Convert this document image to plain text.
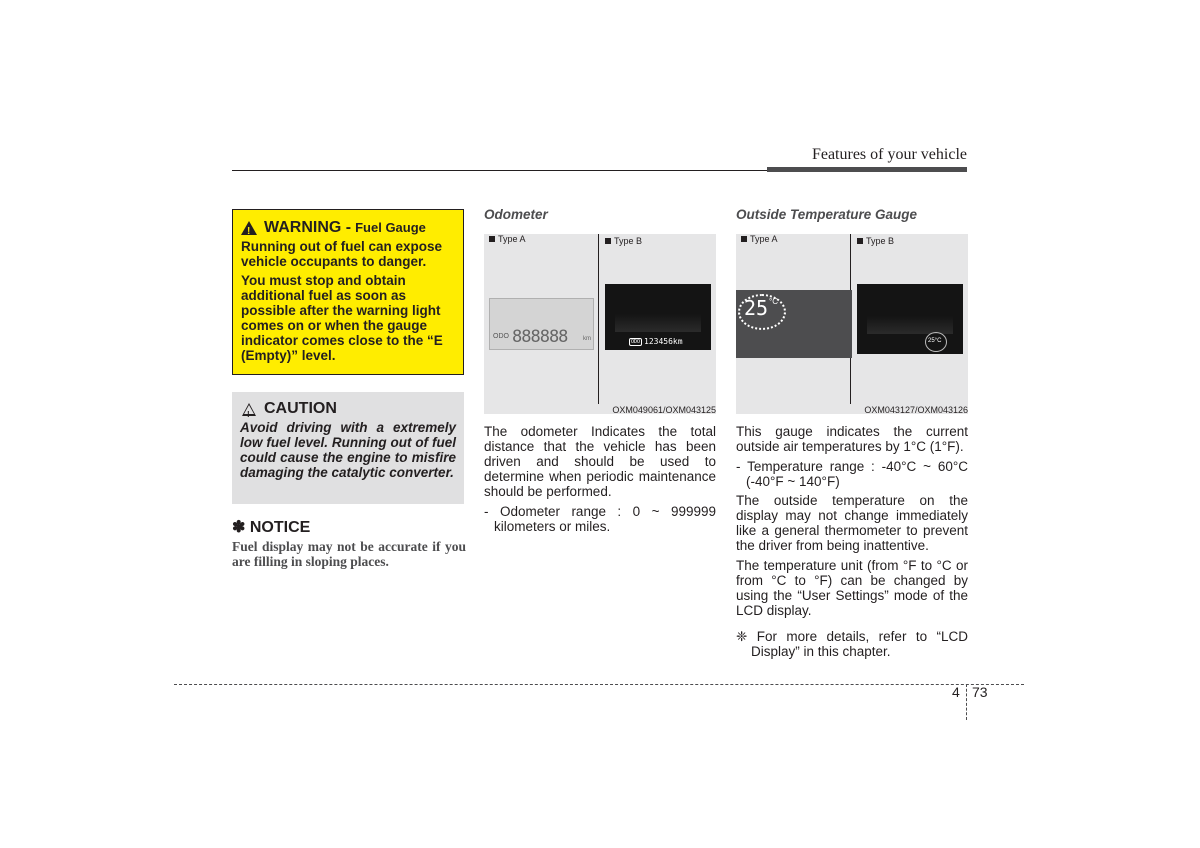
Features of your vehicle
!
WARNING - Fuel Gauge

Running out of fuel can expose vehicle occupants to danger.

You must stop and obtain additional fuel as soon as possible after the warning light comes on or when the gauge indicator comes close to the “E (Empty)” level.

!
CAUTION

Avoid driving with a extremely low fuel level. Running out of fuel could cause the engine to misfire damaging the catalytic converter.

✽ NOTICE
Fuel display may not be accurate if you are filling in sloping places.
Odometer
Type A	Type B
ODO 888888	km	ODO 123456km
OXM049061/OXM043125

The odometer Indicates the total distance that the vehicle has been driven and should be used to determine when periodic maintenance should be performed.

- Odometer range : 0 ~ 999999 kilometers or miles.

Outside Temperature Gauge
Type A	Type B
25 °C
25°C
OXM043127/OXM043126

This gauge indicates the current outside air temperatures by 1°C (1°F).

- Temperature range : -40°C ~ 60°C (-40°F ~ 140°F)

The outside temperature on the display may not change immediately like a general thermometer to prevent the driver from being inattentive.

The temperature unit (from °F to °C or from °C to °F) can be changed by using the “User Settings” mode of the LCD display.

❈ For more details, refer to “LCD Display” in this chapter.

4 73
